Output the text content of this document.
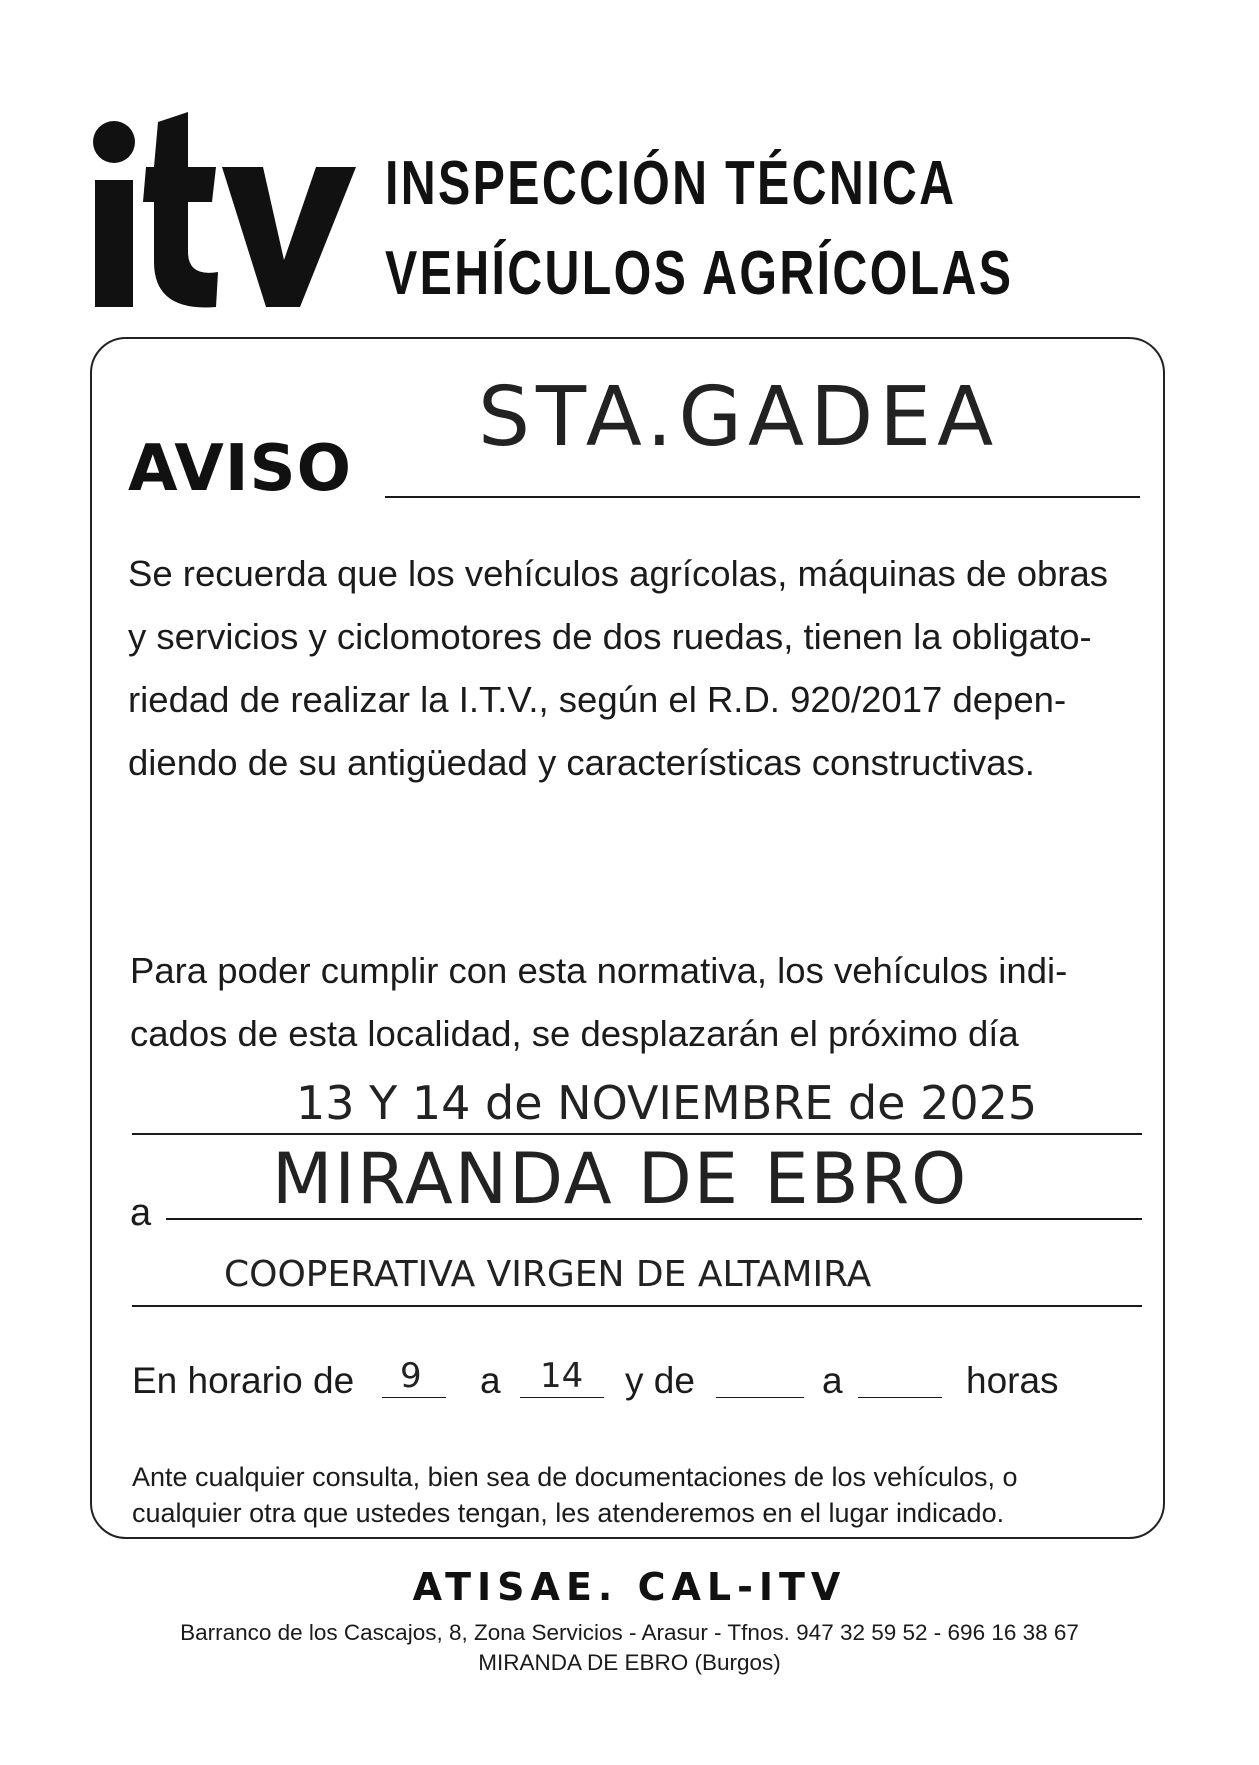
INSPECCIÓN TÉCNICA
VEHÍCULOS AGRÍCOLAS
AVISO
STA.GADEA
Se recuerda que los vehículos agrícolas, máquinas de obras
y servicios y ciclomotores de dos ruedas, tienen la obligato-
riedad de realizar la I.T.V., según el R.D. 920/2017 depen-
diendo de su antigüedad y características constructivas.
Para poder cumplir con esta normativa, los vehículos indi-
cados de esta localidad, se desplazarán el próximo día
13 Y 14 de NOVIEMBRE de 2025
a MIRANDA DE EBRO
COOPERATIVA VIRGEN DE ALTAMIRA
En horario de 9 a 14 y de	a	horas
Ante cualquier consulta, bien sea de documentaciones de los vehículos, o
cualquier otra que ustedes tengan, les atenderemos en el lugar indicado.
ATISAE. CAL-ITV
Barranco de los Cascajos, 8, Zona Servicios - Arasur - Tfnos. 947 32 59 52 - 696 16 38 67
MIRANDA DE EBRO (Burgos)
